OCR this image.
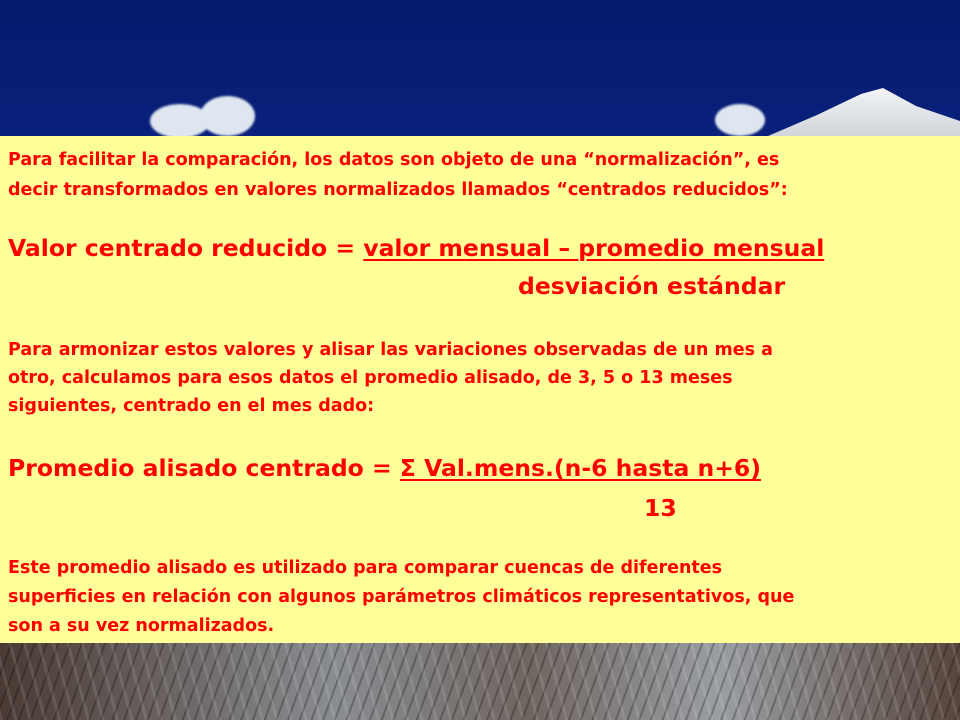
Para facilitar la comparación, los datos son objeto de una “normalización”, es
decir transformados en valores normalizados llamados “centrados reducidos”:
Valor centrado reducido = valor mensual – promedio mensual
desviación estándar
Para armonizar estos valores y alisar las variaciones observadas de un mes a
otro, calculamos para esos datos el promedio alisado, de 3, 5 o 13 meses
siguientes, centrado en el mes dado:
Promedio alisado centrado = Σ Val.mens.(n-6 hasta n+6)
13
Este promedio alisado es utilizado para comparar cuencas de diferentes
superficies en relación con algunos parámetros climáticos representativos, que
son a su vez normalizados.
